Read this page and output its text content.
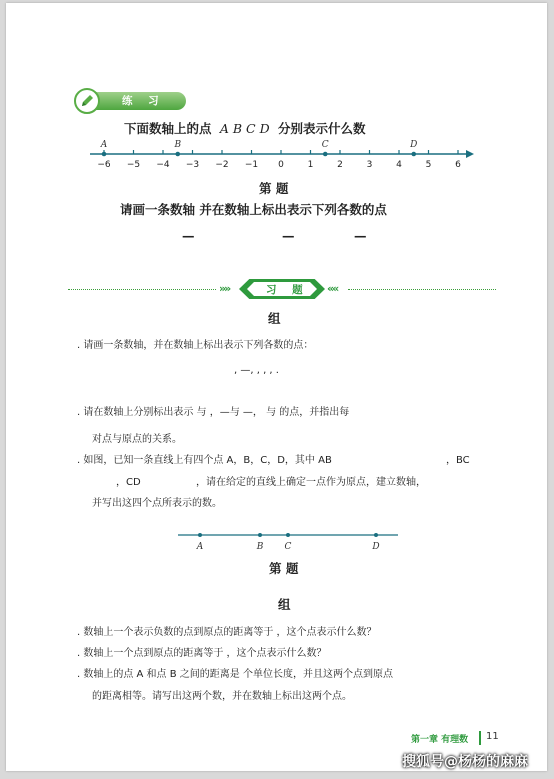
练 习
下面数轴上的点 A B C D 分别表示什么数
−6 −5 −4 −3 −2 −1 0	1	2	3	4	5	6
A	B	C	D
第 题
请画一条数轴 并在数轴上标出表示下列各数的点
—	—	—
»»	习 题 ««
组
. 请画一条数轴，并在数轴上标出表示下列各数的点：
, —, , , , .
. 请在数轴上分别标出表示 与 ，—与 —， 与 的点，并指出每
对点与原点的关系。
. 如图，已知一条直线上有四个点 A，B，C，D，其中 AB	，BC
，CD	，请在给定的直线上确定一点作为原点，建立数轴，
并写出这四个点所表示的数。
A	B C	D
第 题
组
. 数轴上一个表示负数的点到原点的距离等于 ，这个点表示什么数？
. 数轴上一个点到原点的距离等于 ，这个点表示什么数？
. 数轴上的点 A 和点 B 之间的距离是 个单位长度，并且这两个点到原点
的距离相等。请写出这两个数，并在数轴上标出这两个点。
第一章 有理数 11
搜狐号@杨杨的麻麻
